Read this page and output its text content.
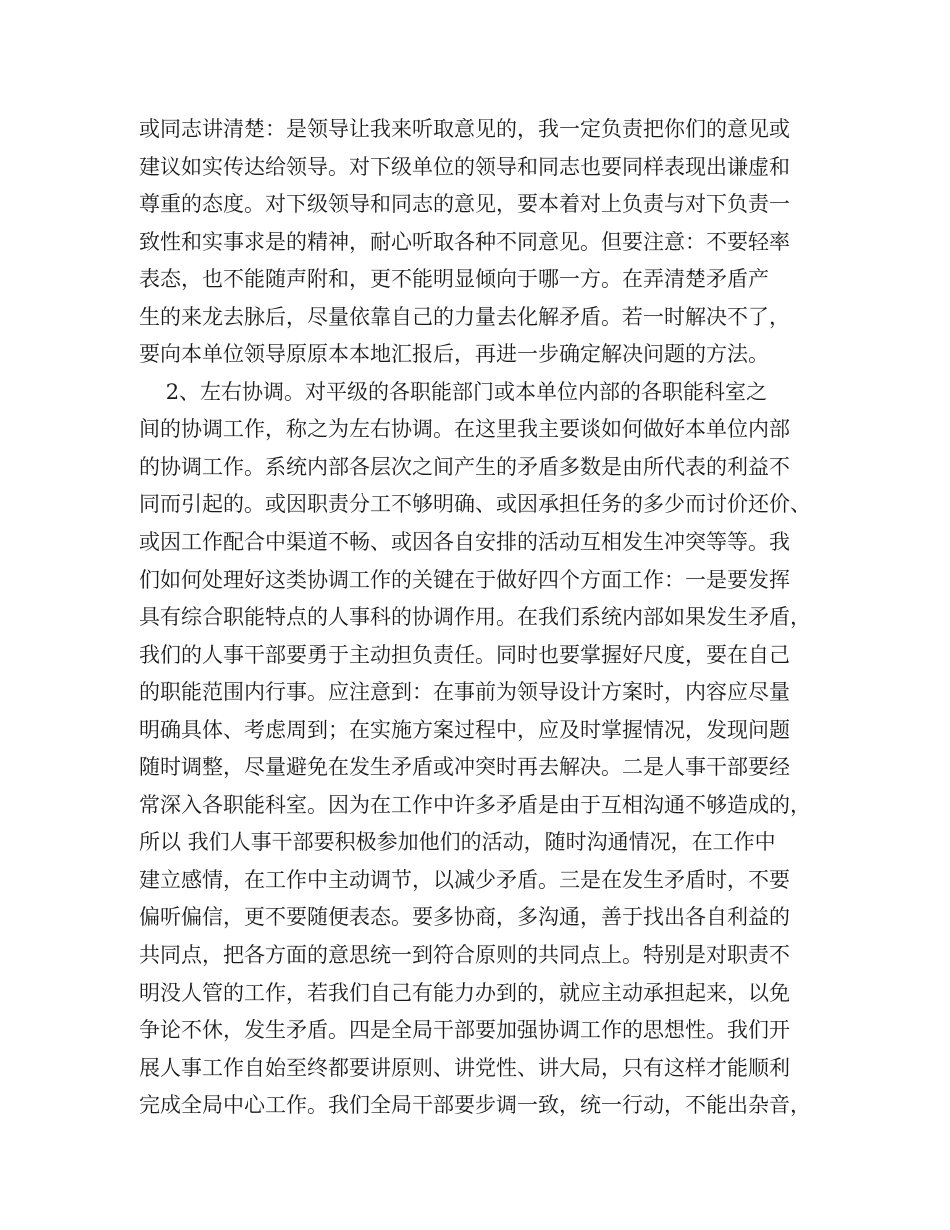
或同志讲清楚：是领导让我来听取意见的，我一定负责把你们的意见或
建议如实传达给领导。对下级单位的领导和同志也要同样表现出谦虚和
尊重的态度。对下级领导和同志的意见，要本着对上负责与对下负责一
致性和实事求是的精神，耐心听取各种不同意见。但要注意：不要轻率
表态，也不能随声附和，更不能明显倾向于哪一方。在弄清楚矛盾产
生的来龙去脉后，尽量依靠自己的力量去化解矛盾。若一时解决不了，
要向本单位领导原原本本地汇报后，再进一步确定解决问题的方法。
2、左右协调。对平级的各职能部门或本单位内部的各职能科室之
间的协调工作，称之为左右协调。在这里我主要谈如何做好本单位内部
的协调工作。系统内部各层次之间产生的矛盾多数是由所代表的利益不
同而引起的。或因职责分工不够明确、或因承担任务的多少而讨价还价、
或因工作配合中渠道不畅、或因各自安排的活动互相发生冲突等等。我
们如何处理好这类协调工作的关键在于做好四个方面工作：一是要发挥
具有综合职能特点的人事科的协调作用。在我们系统内部如果发生矛盾，
我们的人事干部要勇于主动担负责任。同时也要掌握好尺度，要在自己
的职能范围内行事。应注意到：在事前为领导设计方案时，内容应尽量
明确具体、考虑周到；在实施方案过程中，应及时掌握情况，发现问题
随时调整，尽量避免在发生矛盾或冲突时再去解决。二是人事干部要经
常深入各职能科室。因为在工作中许多矛盾是由于互相沟通不够造成的，
所以 我们人事干部要积极参加他们的活动，随时沟通情况，在工作中
建立感情，在工作中主动调节，以减少矛盾。三是在发生矛盾时，不要
偏听偏信，更不要随便表态。要多协商，多沟通，善于找出各自利益的
共同点，把各方面的意思统一到符合原则的共同点上。特别是对职责不
明没人管的工作，若我们自己有能力办到的，就应主动承担起来，以免
争论不休，发生矛盾。四是全局干部要加强协调工作的思想性。我们开
展人事工作自始至终都要讲原则、讲党性、讲大局，只有这样才能顺利
完成全局中心工作。我们全局干部要步调一致，统一行动，不能出杂音，
